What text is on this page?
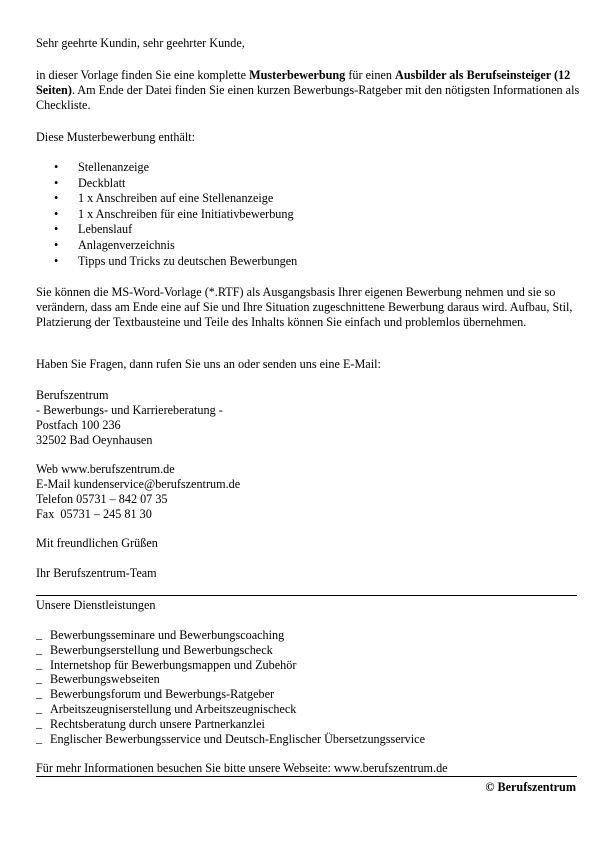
Sehr geehrte Kundin, sehr geehrter Kunde,

in dieser Vorlage finden Sie eine komplette Musterbewerbung für einen Ausbilder als Berufseinsteiger (12 Seiten). Am Ende der Datei finden Sie einen kurzen Bewerbungs-Ratgeber mit den nötigsten Informationen als Checkliste.

Diese Musterbewerbung enthält:

• Stellenanzeige
• Deckblatt
• 1 x Anschreiben auf eine Stellenanzeige
• 1 x Anschreiben für eine Initiativbewerbung
• Lebenslauf
• Anlagenverzeichnis
• Tipps und Tricks zu deutschen Bewerbungen

Sie können die MS-Word-Vorlage (*.RTF) als Ausgangsbasis Ihrer eigenen Bewerbung nehmen und sie so verändern, dass am Ende eine auf Sie und Ihre Situation zugeschnittene Bewerbung daraus wird. Aufbau, Stil, Platzierung der Textbausteine und Teile des Inhalts können Sie einfach und problemlos übernehmen.

Haben Sie Fragen, dann rufen Sie uns an oder senden uns eine E-Mail:

Berufszentrum
- Bewerbungs- und Karriereberatung -
Postfach 100 236
32502 Bad Oeynhausen
Web www.berufszentrum.de
E-Mail kundenservice@berufszentrum.de
Telefon 05731 – 842 07 35
Fax 05731 – 245 81 30

Mit freundlichen Grüßen

Ihr Berufszentrum-Team

Unsere Dienstleistungen

_ Bewerbungsseminare und Bewerbungscoaching
_ Bewerbungserstellung und Bewerbungscheck
_ Internetshop für Bewerbungsmappen und Zubehör
_ Bewerbungswebseiten
_ Bewerbungsforum und Bewerbungs-Ratgeber
_ Arbeitszeugniserstellung und Arbeitszeugnischeck
_ Rechtsberatung durch unsere Partnerkanzlei
_ Englischer Bewerbungsservice und Deutsch-Englischer Übersetzungsservice

Für mehr Informationen besuchen Sie bitte unsere Webseite: www.berufszentrum.de

© Berufszentrum
